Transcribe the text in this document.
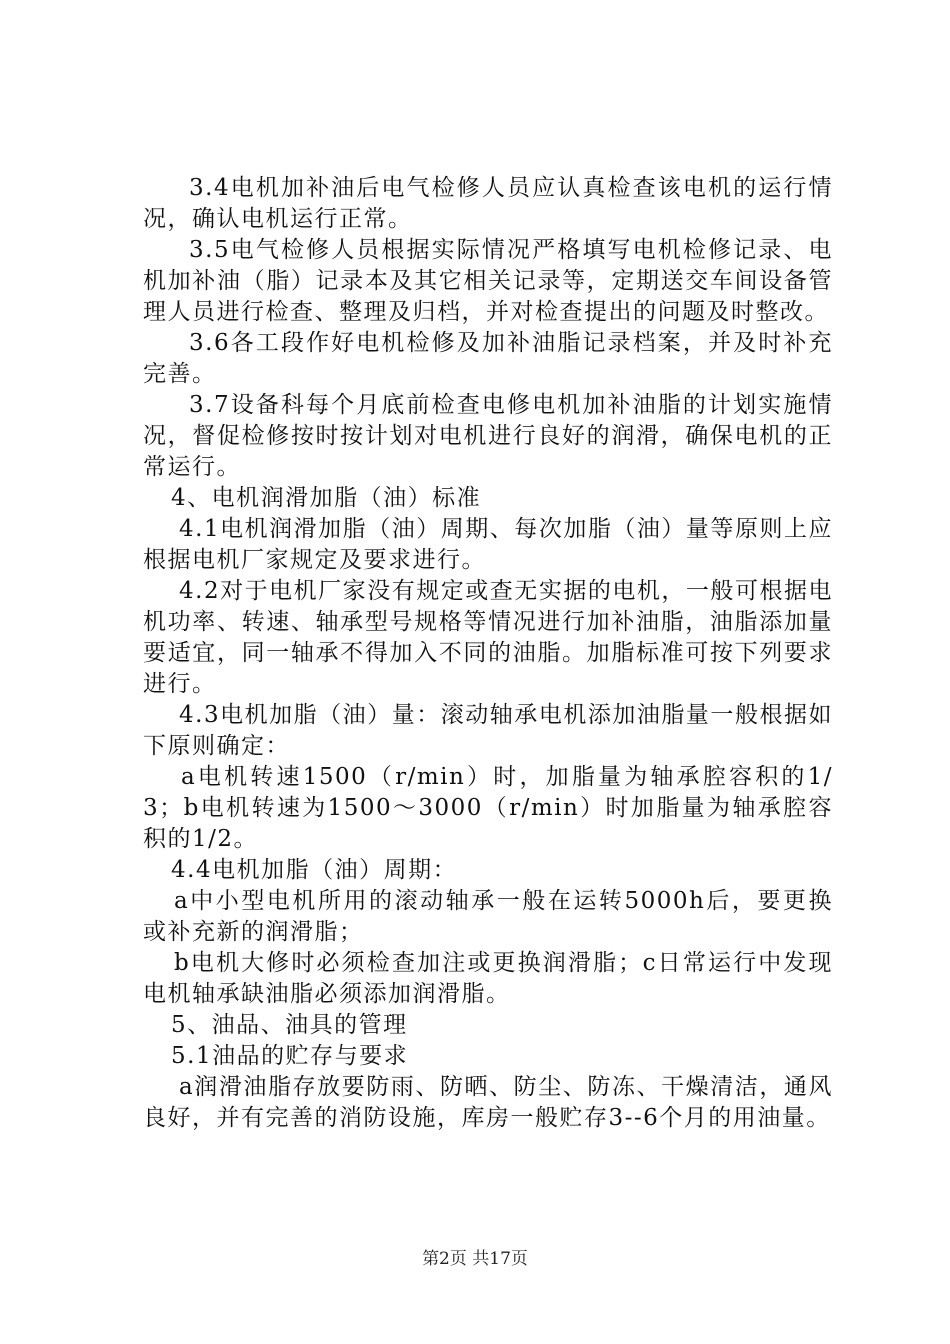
3.4电机加补油后电气检修人员应认真检查该电机的运行情况，确认电机运行正常。

3.5电气检修人员根据实际情况严格填写电机检修记录、电机加补油（脂）记录本及其它相关记录等，定期送交车间设备管理人员进行检查、整理及归档，并对检查提出的问题及时整改。

3.6各工段作好电机检修及加补油脂记录档案，并及时补充完善。

3.7设备科每个月底前检查电修电机加补油脂的计划实施情况，督促检修按时按计划对电机进行良好的润滑，确保电机的正常运行。

4、电机润滑加脂（油）标准

4.1电机润滑加脂（油）周期、每次加脂（油）量等原则上应根据电机厂家规定及要求进行。

4.2对于电机厂家没有规定或查无实据的电机，一般可根据电机功率、转速、轴承型号规格等情况进行加补油脂，油脂添加量要适宜，同一轴承不得加入不同的油脂。加脂标准可按下列要求进行。

4.3电机加脂（油）量：滚动轴承电机添加油脂量一般根据如下原则确定：

a电机转速1500（r/min）时，加脂量为轴承腔容积的1/3；b电机转速为1500～3000（r/min）时加脂量为轴承腔容积的1/2。

4.4电机加脂（油）周期：

a中小型电机所用的滚动轴承一般在运转5000h后，要更换或补充新的润滑脂；

b电机大修时必须检查加注或更换润滑脂；c日常运行中发现电机轴承缺油脂必须添加润滑脂。

5、油品、油具的管理

5.1油品的贮存与要求

a润滑油脂存放要防雨、防晒、防尘、防冻、干燥清洁，通风良好，并有完善的消防设施，库房一般贮存3--6个月的用油量。

第2页 共17页
